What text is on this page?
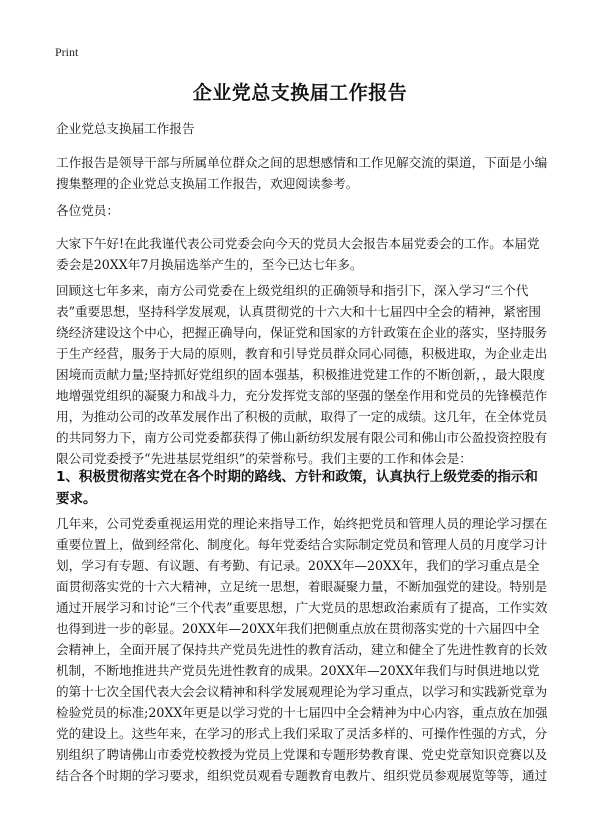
Print
企业党总支换届工作报告

企业党总支换届工作报告

工作报告是领导干部与所属单位群众之间的思想感情和工作见解交流的渠道，下面是小编搜集整理的企业党总支换届工作报告，欢迎阅读参考。

各位党员：

大家下午好!在此我谨代表公司党委会向今天的党员大会报告本届党委会的工作。本届党委会是20XX年7月换届选举产生的，至今已达七年多。

回顾这七年多来，南方公司党委在上级党组织的正确领导和指引下，深入学习“三个代表”重要思想，坚持科学发展观，认真贯彻党的十六大和十七届四中全会的精神，紧密围绕经济建设这个中心，把握正确导向，保证党和国家的方针政策在企业的落实，坚持服务于生产经营，服务于大局的原则，教育和引导党员群众同心同德，积极进取，为企业走出困境而贡献力量;坚持抓好党组织的固本强基，积极推进党建工作的不断创新，，最大限度地增强党组织的凝聚力和战斗力，充分发挥党支部的坚强的堡垒作用和党员的先锋模范作用，为推动公司的改革发展作出了积极的贡献，取得了一定的成绩。这几年，在全体党员的共同努力下，南方公司党委都获得了佛山新纺织发展有限公司和佛山市公盈投资控股有限公司党委授予“先进基层党组织”的荣誉称号。我们主要的工作和体会是：

1、积极贯彻落实党在各个时期的路线、方针和政策，认真执行上级党委的指示和要求。

几年来，公司党委重视运用党的理论来指导工作，始终把党员和管理人员的理论学习摆在重要位置上，做到经常化、制度化。每年党委结合实际制定党员和管理人员的月度学习计划，学习有专题、有议题、有考勤、有记录。20XX年—20XX年，我们的学习重点是全面贯彻落实党的十六大精神，立足统一思想，着眼凝聚力量，不断加强党的建设。特别是通过开展学习和讨论“三个代表”重要思想，广大党员的思想政治素质有了提高，工作实效也得到进一步的彰显。20XX年—20XX年我们把侧重点放在贯彻落实党的十六届四中全会精神上，全面开展了保持共产党员先进性的教育活动，建立和健全了先进性教育的长效机制，不断地推进共产党员先进性教育的成果。20XX年—20XX年我们与时俱进地以党的第十七次全国代表大会会议精神和科学发展观理论为学习重点，以学习和实践新党章为检验党员的标准;20XX年更是以学习党的十七届四中全会精神为中心内容，重点放在加强党的建设上。这些年来，在学习的形式上我们采取了灵活多样的、可操作性强的方式，分别组织了聘请佛山市委党校教授为党员上党课和专题形势教育课、党史党章知识竞赛以及结合各个时期的学习要求，组织党员观看专题教育电教片、组织党员参观展览等等，通过
